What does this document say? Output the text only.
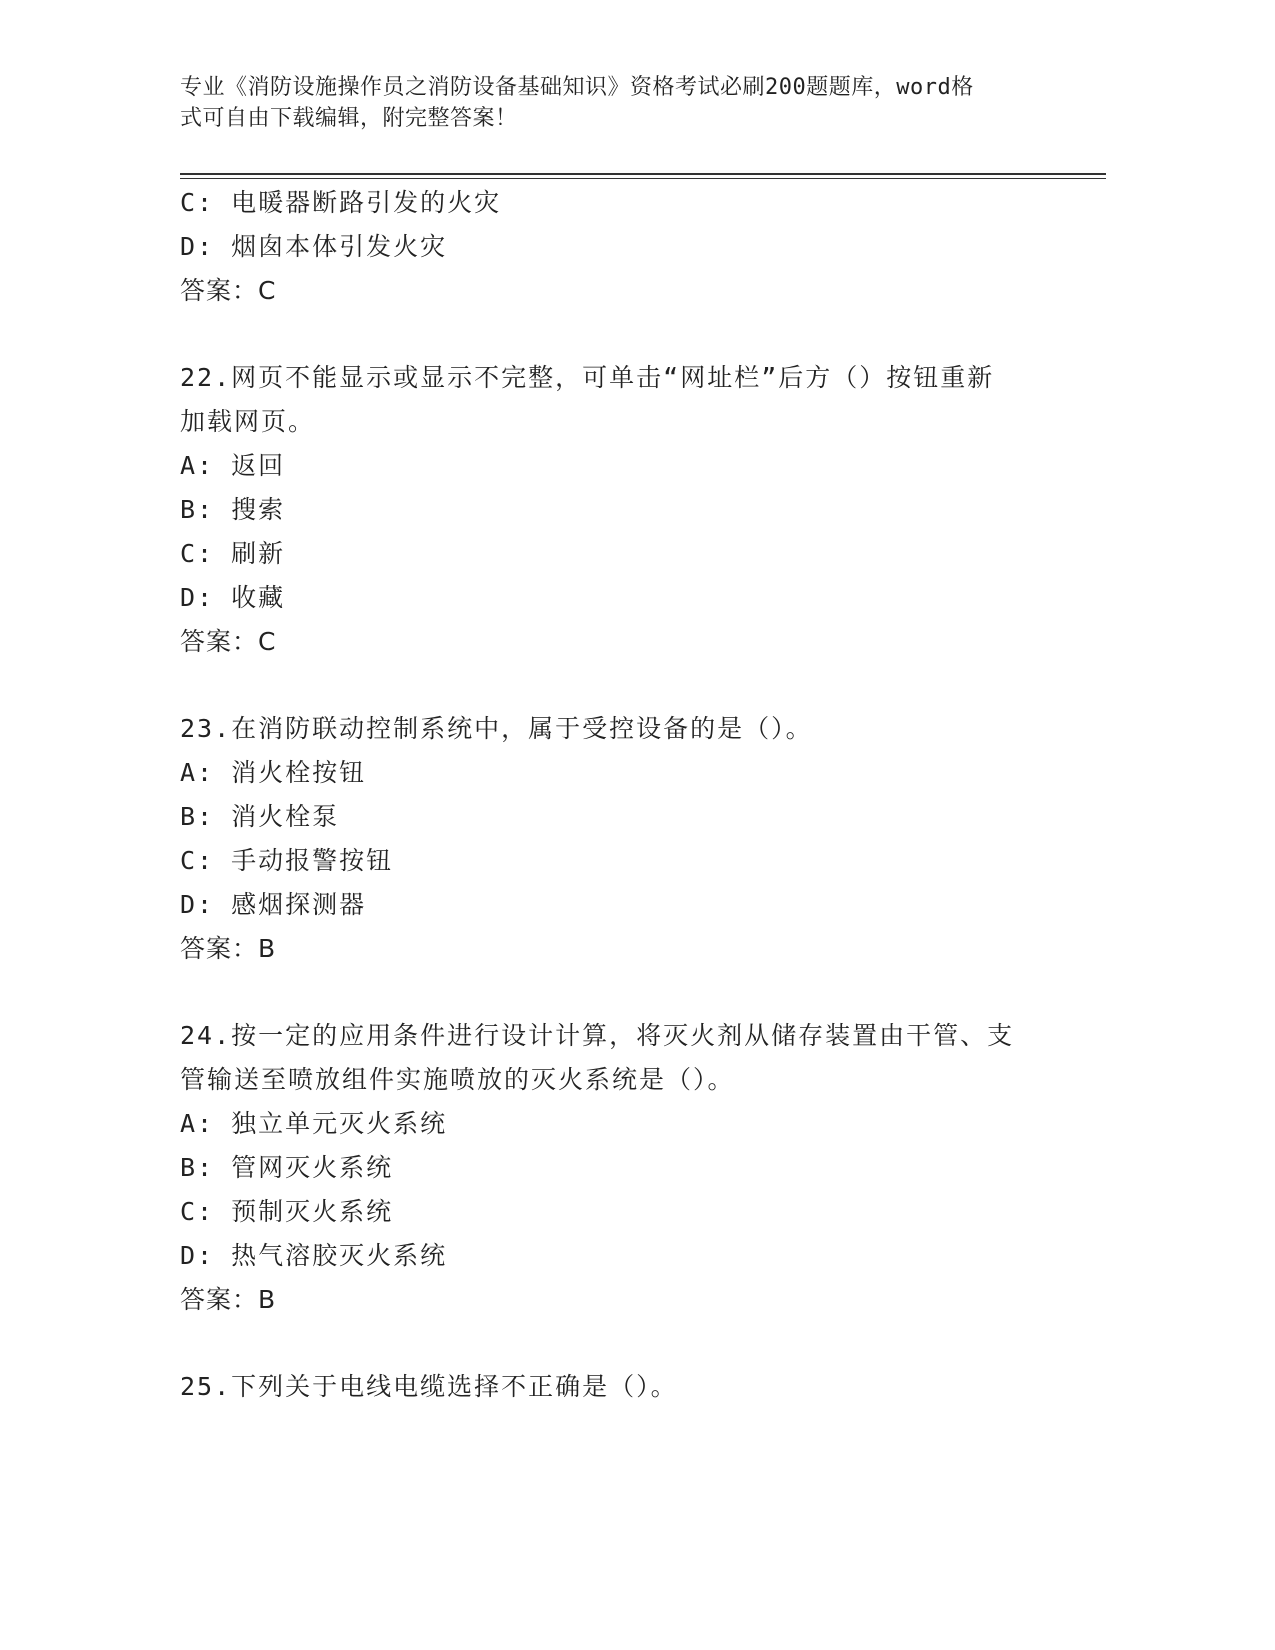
专业《消防设施操作员之消防设备基础知识》资格考试必刷200题题库，word格
式可自由下载编辑，附完整答案！
C: 电暖器断路引发的火灾
D: 烟囱本体引发火灾
答案：C
22.网页不能显示或显示不完整，可单击“网址栏”后方（）按钮重新
加载网页。
A: 返回
B: 搜索
C: 刷新
D: 收藏
答案：C
23.在消防联动控制系统中，属于受控设备的是（）。
A: 消火栓按钮
B: 消火栓泵
C: 手动报警按钮
D: 感烟探测器
答案：B
24.按一定的应用条件进行设计计算，将灭火剂从储存装置由干管、支
管输送至喷放组件实施喷放的灭火系统是（）。
A: 独立单元灭火系统
B: 管网灭火系统
C: 预制灭火系统
D: 热气溶胶灭火系统
答案：B
25.下列关于电线电缆选择不正确是（）。
